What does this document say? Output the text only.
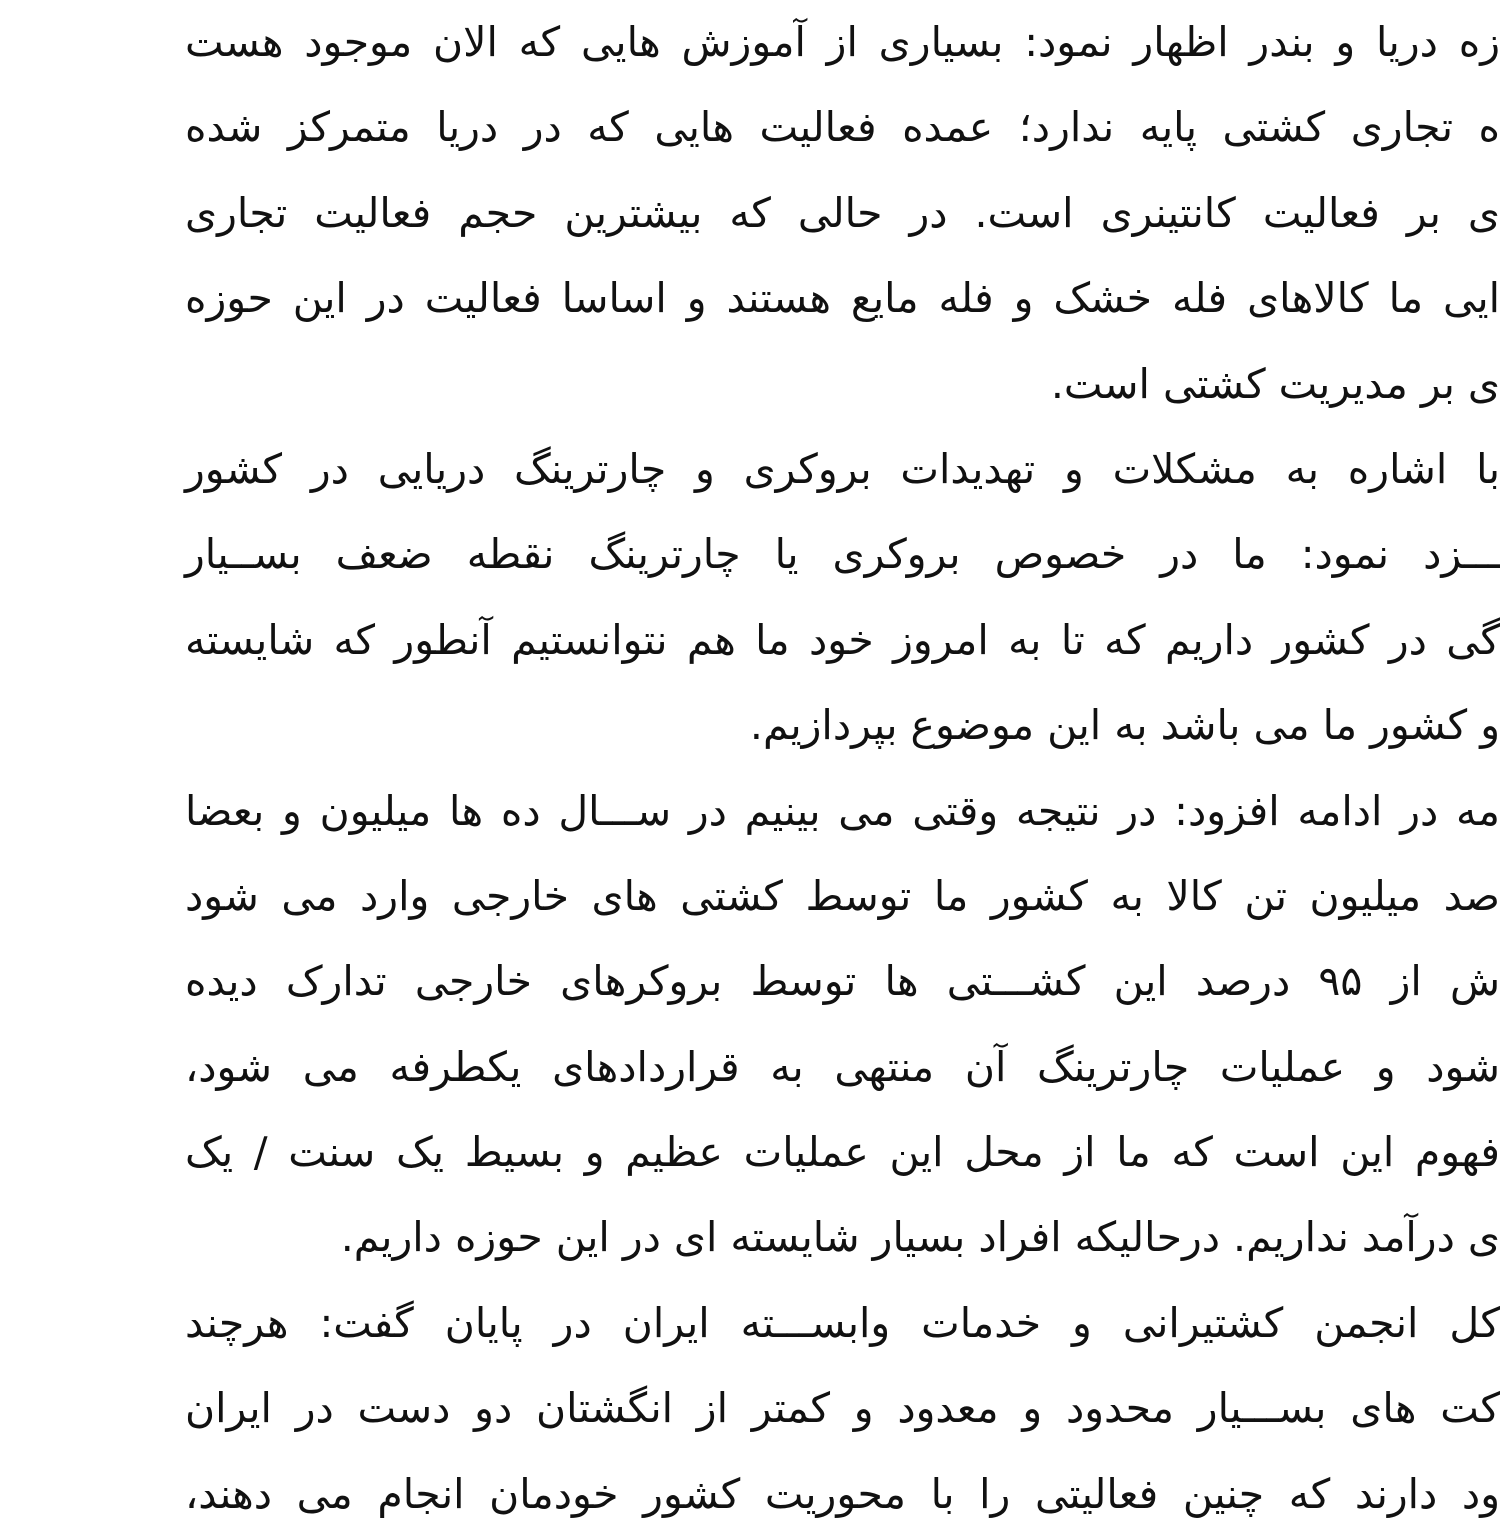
زه دریا و بندر اظهار نمود: بسیاری از آموزش هایی که الان موجود هست
ه تجاری کشتی پایه ندارد؛ عمده فعالیت هایی که در دریا متمرکز شده
ی بر فعالیت کانتینری است. در حالی که بیشترین حجم فعالیت تجاری
ایی ما کالاهای فله خشک و فله مایع هستند و اساسا فعالیت در این حوزه
ی بر مدیریت کشتی است.
با اشاره به مشکلات و تهدیدات بروکری و چارترینگ دریایی در کشور
ـــزد نمود: ما در خصوص بروکری یا چارترینگ نقطه ضعف بســیار
گی در کشور داریم که تا به امروز خود ما هم نتوانستیم آنطور که شایسته
و کشور ما می باشد به این موضوع بپردازیم.
مه در ادامه افزود: در نتیجه وقتی می بینیم در ســـال ده ها میلیون و بعضا
صد میلیون تن کالا به کشور ما توسط کشتی های خارجی وارد می شود
ش از ۹۵ درصد این کشـــتی ها توسط بروکرهای خارجی تدارک دیده
شود و عملیات چارترینگ آن منتهی به قراردادهای یکطرفه می شود،
فهوم این است که ما از محل این عملیات عظیم و بسیط یک سنت / یک
ی درآمد نداریم. درحالیکه افراد بسیار شایسته ای در این حوزه داریم.
کل انجمن کشتیرانی و خدمات وابســـته ایران در پایان گفت: هرچند
کت های بســـیار محدود و معدود و کمتر از انگشتان دو دست در ایران
ود دارند که چنین فعالیتی را با محوریت کشور خودمان انجام می دهند،
